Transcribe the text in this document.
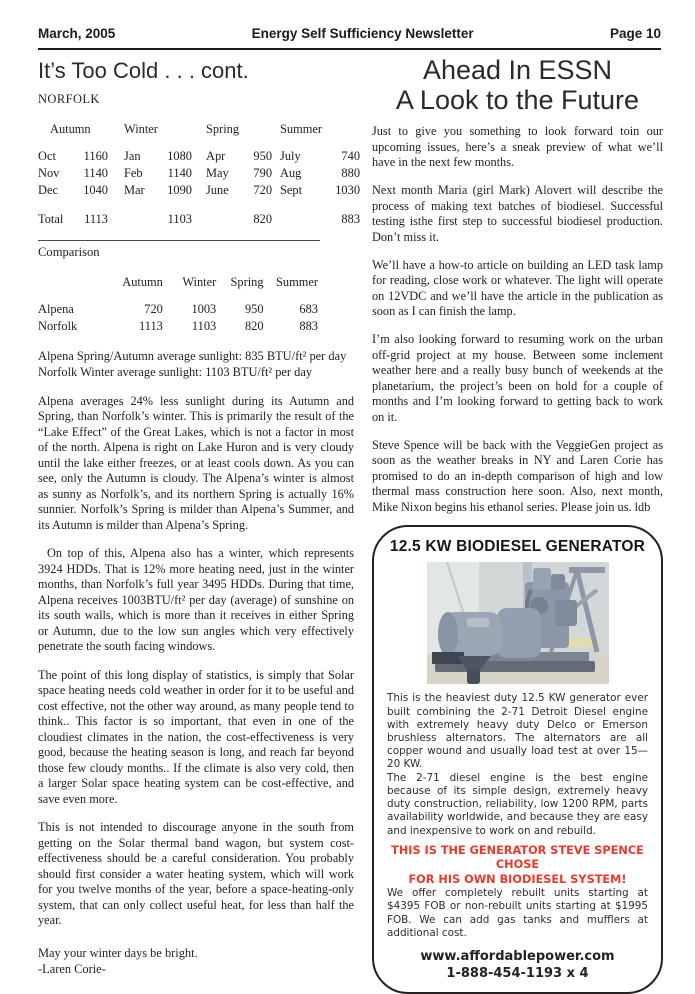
March, 2005	Energy Self Sufficiency Newsletter	Page 10
It’s Too Cold . . . cont.
NORFOLK
Autumn		Winter		Spring		Summer	
Oct	1160	Jan	1080	Apr	950	July	740
Nov	1140	Feb	1140	May	790	Aug	880
Dec	1040	Mar	1090	June	720	Sept	1030
Total	1113		1103		820		883
Comparison
	Autumn	Winter	Spring	Summer
Alpena	720	1003	950	683
Norfolk	1113	1103	820	883

Alpena Spring/Autumn average sunlight: 835 BTU/ft² per day

Norfolk Winter average sunlight: 1103 BTU/ft² per day

Alpena averages 24% less sunlight during its Autumn and Spring, than Norfolk’s winter. This is primarily the result of the “Lake Effect” of the Great Lakes, which is not a factor in most of the north. Alpena is right on Lake Huron and is very cloudy until the lake either freezes, or at least cools down. As you can see, only the Autumn is cloudy. The Alpena’s winter is almost as sunny as Norfolk’s, and its northern Spring is actually 16% sunnier. Norfolk’s Spring is milder than Alpena’s Summer, and its Autumn is milder than Alpena’s Spring.

On top of this, Alpena also has a winter, which represents 3924 HDDs. That is 12% more heating need, just in the winter months, than Norfolk’s full year 3495 HDDs. During that time, Alpena receives 1003BTU/ft² per day (average) of sunshine on its south walls, which is more than it receives in either Spring or Autumn, due to the low sun angles which very effectively penetrate the south facing windows.

The point of this long display of statistics, is simply that Solar space heating needs cold weather in order for it to be useful and cost effective, not the other way around, as many people tend to think.. This factor is so important, that even in one of the cloudiest climates in the nation, the cost-effectiveness is very good, because the heating season is long, and reach far beyond those few cloudy months.. If the climate is also very cold, then a larger Solar space heating system can be cost-effective, and save even more.

This is not intended to discourage anyone in the south from getting on the Solar thermal band wagon, but system cost-effectiveness should be a careful consideration. You probably should first consider a water heating system, which will work for you twelve months of the year, before a space-heating-only system, that can only collect useful heat, for less than half the year.

May your winter days be bright.
-Laren Corie-
Ahead In ESSN
A Look to the Future

Just to give you something to look forward toin our upcoming issues, here’s a sneak preview of what we’ll have in the next few months.

Next month Maria (girl Mark) Alovert will describe the process of making text batches of biodiesel. Successful testing isthe first step to successful biodiesel production. Don’t miss it.

We’ll have a how-to article on building an LED task lamp for reading, close work or whatever. The light will operate on 12VDC and we’ll have the article in the publication as soon as I can finish the lamp.

I’m also looking forward to resuming work on the urban off-grid project at my house. Between some inclement weather here and a really busy bunch of weekends at the planetarium, the project’s been on hold for a couple of months and I’m looking forward to getting back to work on it.

Steve Spence will be back with the VeggieGen project as soon as the weather breaks in NY and Laren Corie has promised to do an in-depth comparison of high and low thermal mass construction here soon. Also, next month, Mike Nixon begins his ethanol series. Please join us. ldb

12.5 KW BIODIESEL GENERATOR

This is the heaviest duty 12.5 KW generator ever built combining the 2-71 Detroit Diesel engine with extremely heavy duty Delco or Emerson brushless alternators. The alternators are all copper wound and usually load test at over 15—20 KW.

The 2-71 diesel engine is the best engine because of its simple design, extremely heavy duty construction, reliability, low 1200 RPM, parts availability worldwide, and because they are easy and inexpensive to work on and rebuild.

THIS IS THE GENERATOR STEVE SPENCE CHOSE
FOR HIS OWN BIODIESEL SYSTEM!

We offer completely rebuilt units starting at $4395 FOB or non-rebuilt units starting at $1995 FOB. We can add gas tanks and mufflers at additional cost.

www.affordablepower.com
1-888-454-1193 x 4
